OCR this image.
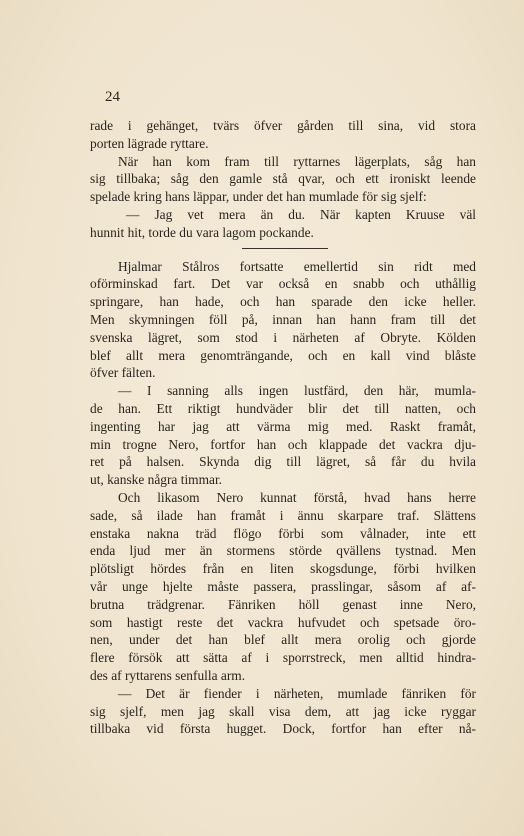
24
rade i gehänget, tvärs öfver gården till sina, vid stora
porten lägrade ryttare.
När han kom fram till ryttarnes lägerplats, såg han
sig tillbaka; såg den gamle stå qvar, och ett ironiskt leende
spelade kring hans läppar, under det han mumlade för sig sjelf:
— Jag vet mera än du. När kapten Kruuse väl
hunnit hit, torde du vara lagom pockande.
Hjalmar Stålros fortsatte emellertid sin ridt med
oförminskad fart. Det var också en snabb och uthållig
springare, han hade, och han sparade den icke heller.
Men skymningen föll på, innan han hann fram till det
svenska lägret, som stod i närheten af Obryte. Kölden
blef allt mera genomträngande, och en kall vind blåste
öfver fälten.
— I sanning alls ingen lustfärd, den här, mumla-
de han. Ett riktigt hundväder blir det till natten, och
ingenting har jag att värma mig med. Raskt framåt,
min trogne Nero, fortfor han och klappade det vackra dju-
ret på halsen. Skynda dig till lägret, så får du hvila
ut, kanske några timmar.
Och likasom Nero kunnat förstå, hvad hans herre
sade, så ilade han framåt i ännu skarpare traf. Slättens
enstaka nakna träd flögo förbi som vålnader, inte ett
enda ljud mer än stormens störde qvällens tystnad. Men
plötsligt hördes från en liten skogsdunge, förbi hvilken
vår unge hjelte måste passera, prasslingar, såsom af af-
brutna trädgrenar. Fänriken höll genast inne Nero,
som hastigt reste det vackra hufvudet och spetsade öro-
nen, under det han blef allt mera orolig och gjorde
flere försök att sätta af i sporrstreck, men alltid hindra-
des af ryttarens senfulla arm.
— Det är fiender i närheten, mumlade fänriken för
sig sjelf, men jag skall visa dem, att jag icke ryggar
tillbaka vid första hugget. Dock, fortfor han efter nå-
